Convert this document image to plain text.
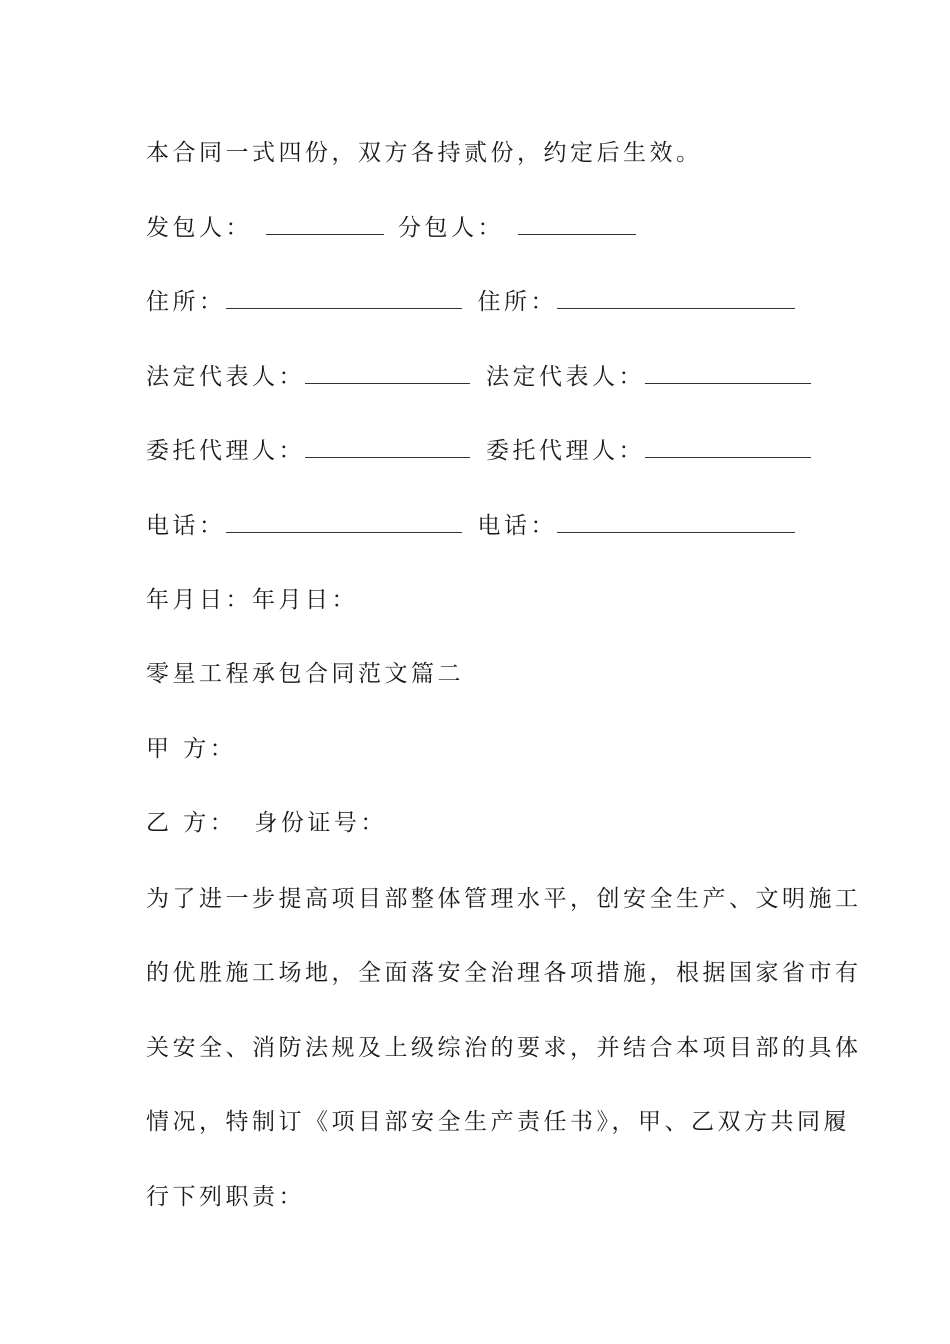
本合同一式四份，双方各持贰份，约定后生效。
发包人：	分包人：
住所：	住所：
法定代表人：	法定代表人：
委托代理人：	委托代理人：
电话：	电话：
年月日：年月日：
零星工程承包合同范文篇二
甲 方：
乙 方： 身份证号：
为了进一步提高项目部整体管理水平，创安全生产、文明施工
的优胜施工场地，全面落安全治理各项措施，根据国家省市有
关安全、消防法规及上级综治的要求，并结合本项目部的具体
情况，特制订《项目部安全生产责任书》，甲、乙双方共同履
行下列职责：
